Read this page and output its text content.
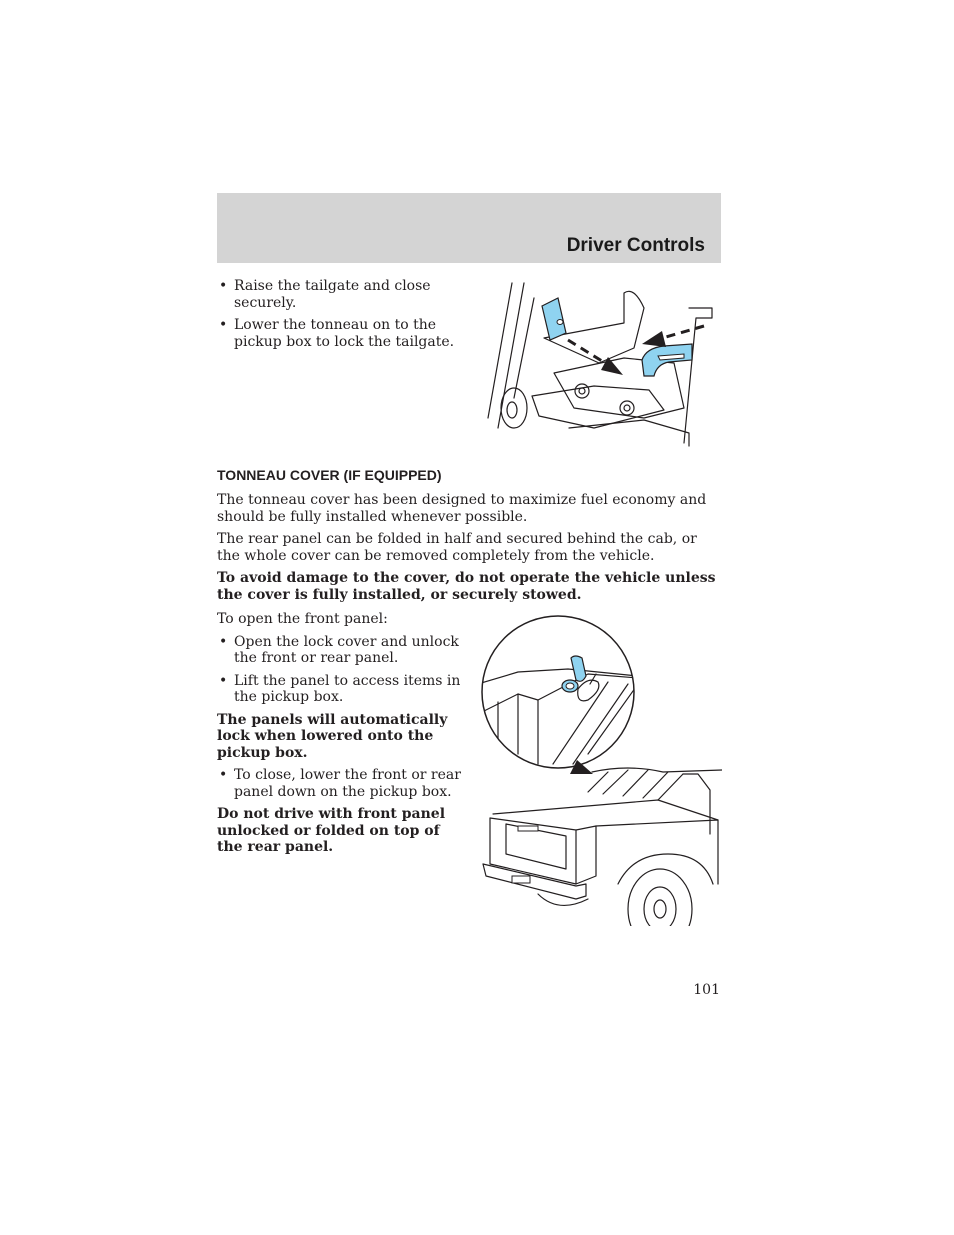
Driver Controls
• Raise the tailgate and close securely.
• Lower the tonneau on to the pickup box to lock the tailgate.
TONNEAU COVER (IF EQUIPPED)

The tonneau cover has been designed to maximize fuel economy and should be fully installed whenever possible.

The rear panel can be folded in half and secured behind the cab, or the whole cover can be removed completely from the vehicle.

To avoid damage to the cover, do not operate the vehicle unless the cover is fully installed, or securely stowed.

To open the front panel:

• Open the lock cover and unlock the front or rear panel.
• Lift the panel to access items in the pickup box.

The panels will automatically lock when lowered onto the pickup box.

• To close, lower the front or rear panel down on the pickup box.

Do not drive with front panel unlocked or folded on top of the rear panel.

101
